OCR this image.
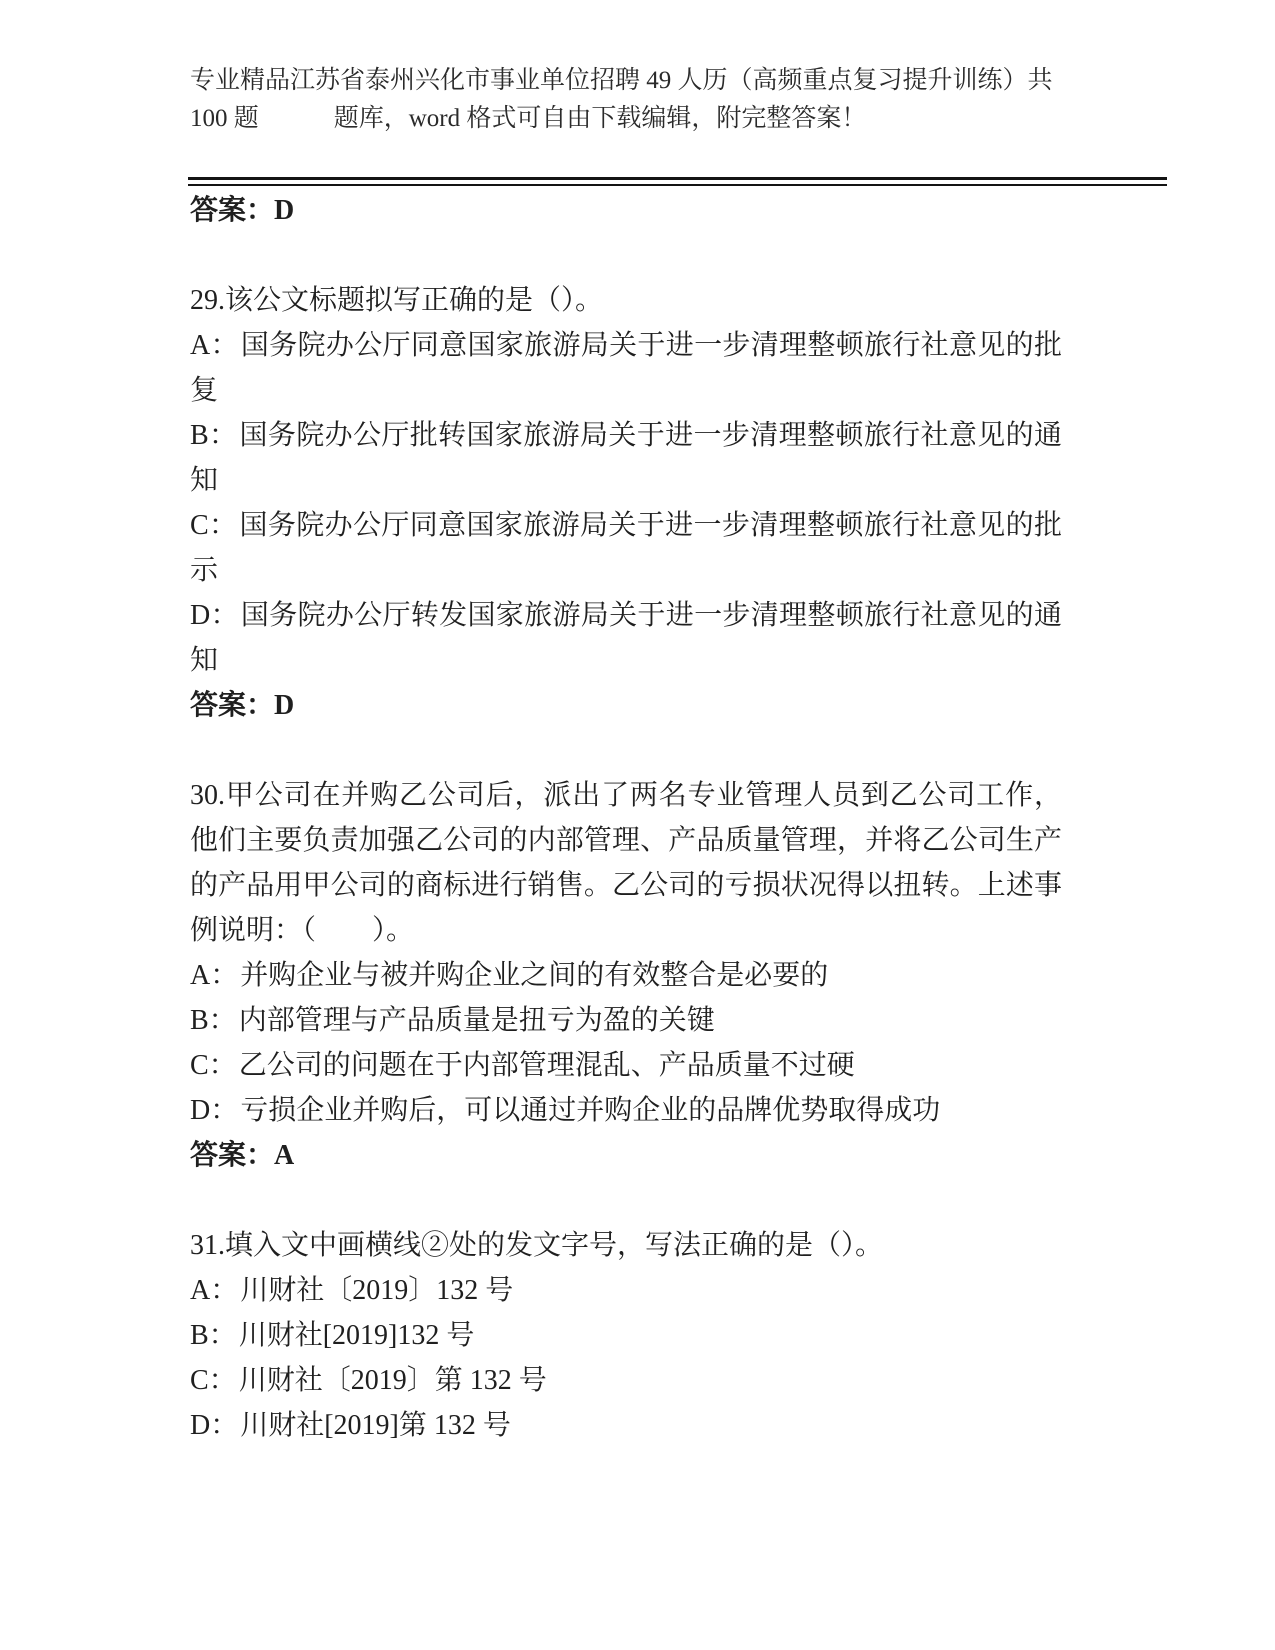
专业精品江苏省泰州兴化市事业单位招聘 49 人历（高频重点复习提升训练）共

100 题　　　题库，word 格式可自由下载编辑，附完整答案！

答案：D

29.该公文标题拟写正确的是（）。

A：国务院办公厅同意国家旅游局关于进一步清理整顿旅行社意见的批复

B：国务院办公厅批转国家旅游局关于进一步清理整顿旅行社意见的通知

C：国务院办公厅同意国家旅游局关于进一步清理整顿旅行社意见的批示

D：国务院办公厅转发国家旅游局关于进一步清理整顿旅行社意见的通知

答案：D

30.甲公司在并购乙公司后，派出了两名专业管理人员到乙公司工作，他们主要负责加强乙公司的内部管理、产品质量管理，并将乙公司生产的产品用甲公司的商标进行销售。乙公司的亏损状况得以扭转。上述事例说明：（　　）。

A：并购企业与被并购企业之间的有效整合是必要的

B：内部管理与产品质量是扭亏为盈的关键

C：乙公司的问题在于内部管理混乱、产品质量不过硬

D：亏损企业并购后，可以通过并购企业的品牌优势取得成功

答案：A

31.填入文中画横线②处的发文字号，写法正确的是（）。

A：川财社〔2019〕132 号

B：川财社[2019]132 号

C：川财社〔2019〕第 132 号

D：川财社[2019]第 132 号
